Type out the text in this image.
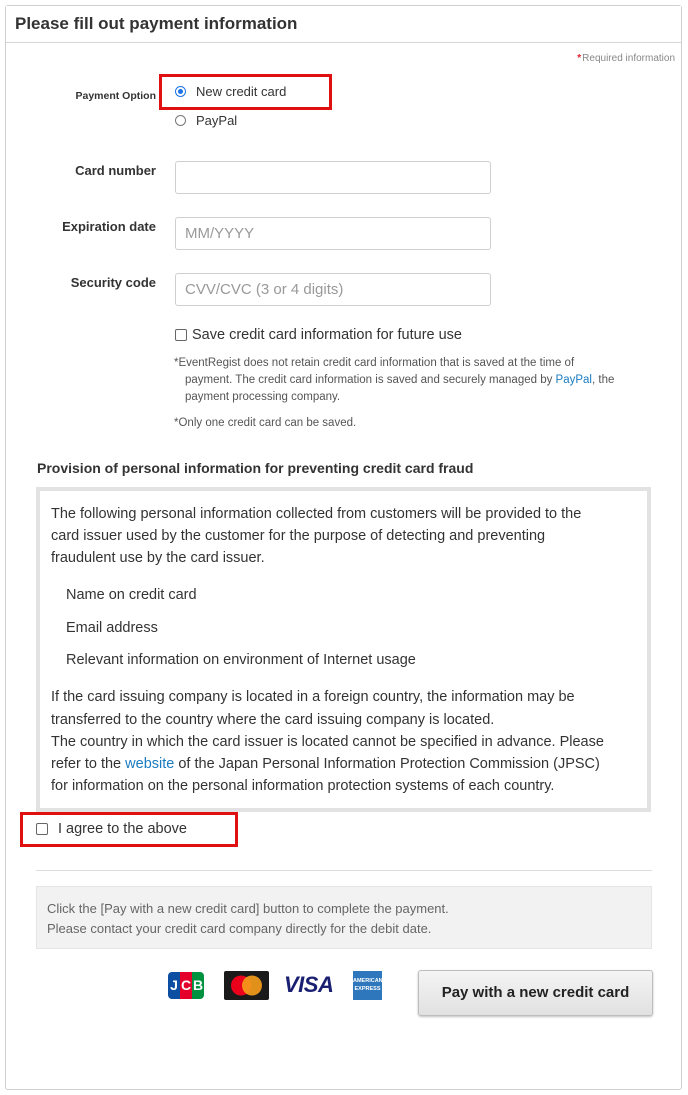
Please fill out payment information
*Required information
Payment Option	New credit card
PayPal
Card number
Expiration date
MM/YYYY
Security code
CVV/CVC (3 or 4 digits)
Save credit card information for future use
*EventRegist does not retain credit card information that is saved at the time of
payment. The credit card information is saved and securely managed by PayPal, the
payment processing company.
*Only one credit card can be saved.
Provision of personal information for preventing credit card fraud
The following personal information collected from customers will be provided to the
card issuer used by the customer for the purpose of detecting and preventing
fraudulent use by the card issuer.
Name on credit card
Email address
Relevant information on environment of Internet usage
If the card issuing company is located in a foreign country, the information may be
transferred to the country where the card issuing company is located.
The country in which the card issuer is located cannot be specified in advance. Please
refer to the website of the Japan Personal Information Protection Commission (JPSC)
for information on the personal information protection systems of each country.
I agree to the above
Click the [Pay with a new credit card] button to complete the payment.
Please contact your credit card company directly for the debit date.
J C B	VISA	AMERICAN
EXPRESS	Pay with a new credit card
